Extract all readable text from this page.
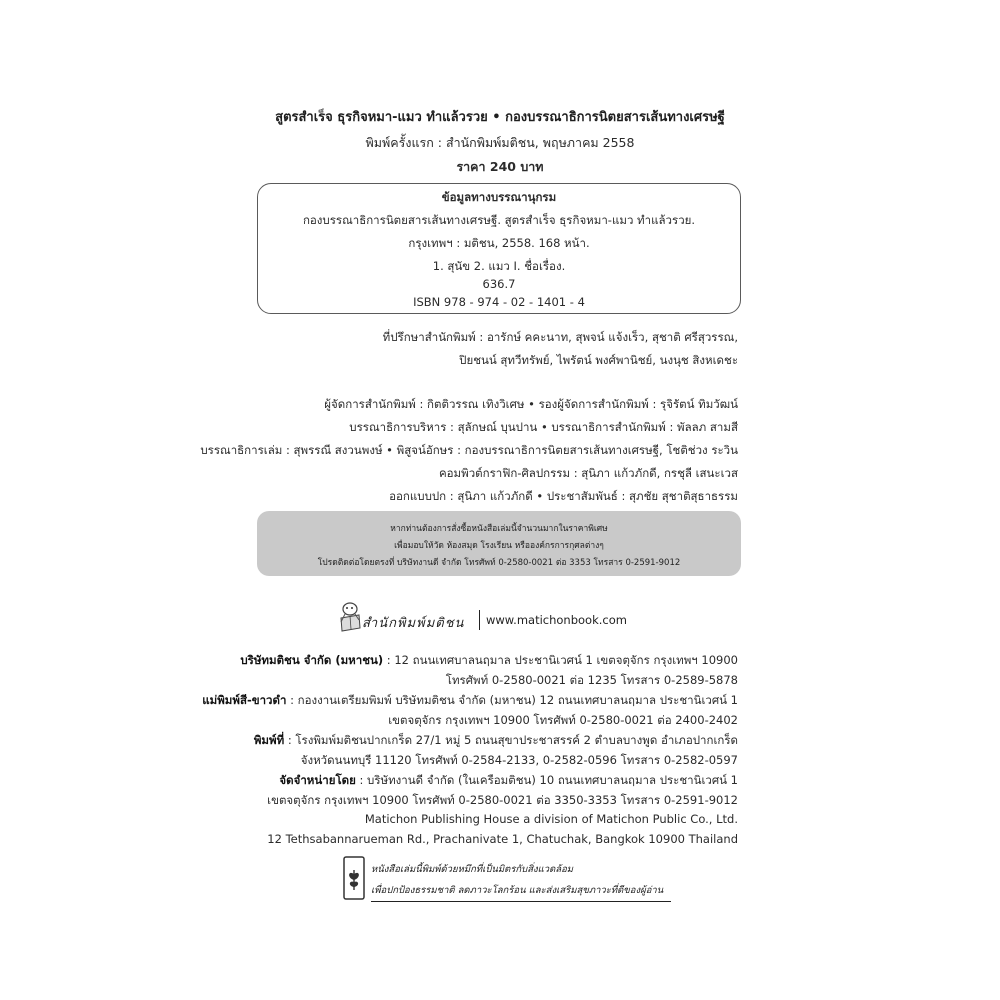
สูตรสำเร็จ ธุรกิจหมา-แมว ทำแล้วรวย • กองบรรณาธิการนิตยสารเส้นทางเศรษฐี
พิมพ์ครั้งแรก : สำนักพิมพ์มติชน, พฤษภาคม 2558
ราคา 240 บาท
ข้อมูลทางบรรณานุกรม
กองบรรณาธิการนิตยสารเส้นทางเศรษฐี. สูตรสำเร็จ ธุรกิจหมา-แมว ทำแล้วรวย.
กรุงเทพฯ : มติชน, 2558. 168 หน้า.
1. สุนัข 2. แมว I. ชื่อเรื่อง.
636.7
ISBN 978 - 974 - 02 - 1401 - 4
ที่ปรึกษาสำนักพิมพ์ : อารักษ์ คคะนาท, สุพจน์ แจ้งเร็ว, สุชาติ ศรีสุวรรณ,
ปิยชนน์ สุทวีทรัพย์, ไพรัตน์ พงศ์พานิชย์, นงนุช สิงหเดชะ
ผู้จัดการสำนักพิมพ์ : กิตติวรรณ เทิงวิเศษ • รองผู้จัดการสำนักพิมพ์ : รุจิรัตน์ ทิมวัฒน์
บรรณาธิการบริหาร : สุลักษณ์ บุนปาน • บรรณาธิการสำนักพิมพ์ : พัลลภ สามสี
บรรณาธิการเล่ม : สุพรรณี สงวนพงษ์ • พิสูจน์อักษร : กองบรรณาธิการนิตยสารเส้นทางเศรษฐี, โชติช่วง ระวิน
คอมพิวต์กราฟิก-ศิลปกรรม : สุนิภา แก้วภักดี, กรชุลี เสนะเวส
ออกแบบปก : สุนิภา แก้วภักดี • ประชาสัมพันธ์ : สุภชัย สุชาติสุธาธรรม
หากท่านต้องการสั่งซื้อหนังสือเล่มนี้จำนวนมากในราคาพิเศษ
เพื่อมอบให้วัด ห้องสมุด โรงเรียน หรือองค์กรการกุศลต่างๆ
โปรดติดต่อโดยตรงที่ บริษัทงานดี จำกัด โทรศัพท์ 0-2580-0021 ต่อ 3353 โทรสาร 0-2591-9012
สำนักพิมพ์มติชน www.matichonbook.com
บริษัทมติชน จำกัด (มหาชน) : 12 ถนนเทศบาลนฤมาล ประชานิเวศน์ 1 เขตจตุจักร กรุงเทพฯ 10900
โทรศัพท์ 0-2580-0021 ต่อ 1235 โทรสาร 0-2589-5878
แม่พิมพ์สี-ขาวดำ : กองงานเตรียมพิมพ์ บริษัทมติชน จำกัด (มหาชน) 12 ถนนเทศบาลนฤมาล ประชานิเวศน์ 1
เขตจตุจักร กรุงเทพฯ 10900 โทรศัพท์ 0-2580-0021 ต่อ 2400-2402
พิมพ์ที่ : โรงพิมพ์มติชนปากเกร็ด 27/1 หมู่ 5 ถนนสุขาประชาสรรค์ 2 ตำบลบางพูด อำเภอปากเกร็ด
จังหวัดนนทบุรี 11120 โทรศัพท์ 0-2584-2133, 0-2582-0596 โทรสาร 0-2582-0597
จัดจำหน่ายโดย : บริษัทงานดี จำกัด (ในเครือมติชน) 10 ถนนเทศบาลนฤมาล ประชานิเวศน์ 1
เขตจตุจักร กรุงเทพฯ 10900 โทรศัพท์ 0-2580-0021 ต่อ 3350-3353 โทรสาร 0-2591-9012
Matichon Publishing House a division of Matichon Public Co., Ltd.
12 Tethsabannarueman Rd., Prachanivate 1, Chatuchak, Bangkok 10900 Thailand
หนังสือเล่มนี้พิมพ์ด้วยหมึกที่เป็นมิตรกับสิ่งแวดล้อม
เพื่อปกป้องธรรมชาติ ลดภาวะโลกร้อน และส่งเสริมสุขภาวะที่ดีของผู้อ่าน
